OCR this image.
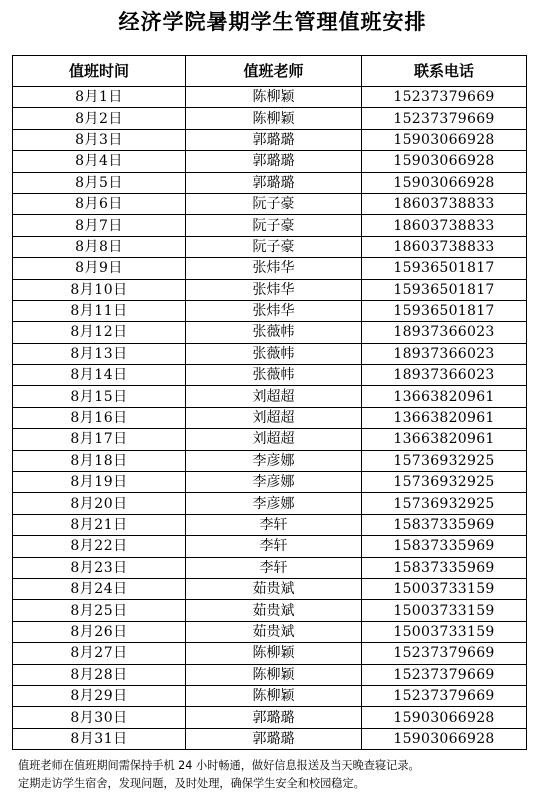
经济学院暑期学生管理值班安排
值班时间	值班老师	联系电话
8月1日	陈柳颖	15237379669
8月2日	陈柳颖	15237379669
8月3日	郭璐璐	15903066928
8月4日	郭璐璐	15903066928
8月5日	郭璐璐	15903066928
8月6日	阮子豪	18603738833
8月7日	阮子豪	18603738833
8月8日	阮子豪	18603738833
8月9日	张炜华	15936501817
8月10日	张炜华	15936501817
8月11日	张炜华	15936501817
8月12日	张薇帏	18937366023
8月13日	张薇帏	18937366023
8月14日	张薇帏	18937366023
8月15日	刘超超	13663820961
8月16日	刘超超	13663820961
8月17日	刘超超	13663820961
8月18日	李彦娜	15736932925
8月19日	李彦娜	15736932925
8月20日	李彦娜	15736932925
8月21日	李轩	15837335969
8月22日	李轩	15837335969
8月23日	李轩	15837335969
8月24日	茹贵斌	15003733159
8月25日	茹贵斌	15003733159
8月26日	茹贵斌	15003733159
8月27日	陈柳颖	15237379669
8月28日	陈柳颖	15237379669
8月29日	陈柳颖	15237379669
8月30日	郭璐璐	15903066928
8月31日	郭璐璐	15903066928
值班老师在值班期间需保持手机 24 小时畅通，做好信息报送及当天晚查寝记录。
定期走访学生宿舍，发现问题，及时处理，确保学生安全和校园稳定。
